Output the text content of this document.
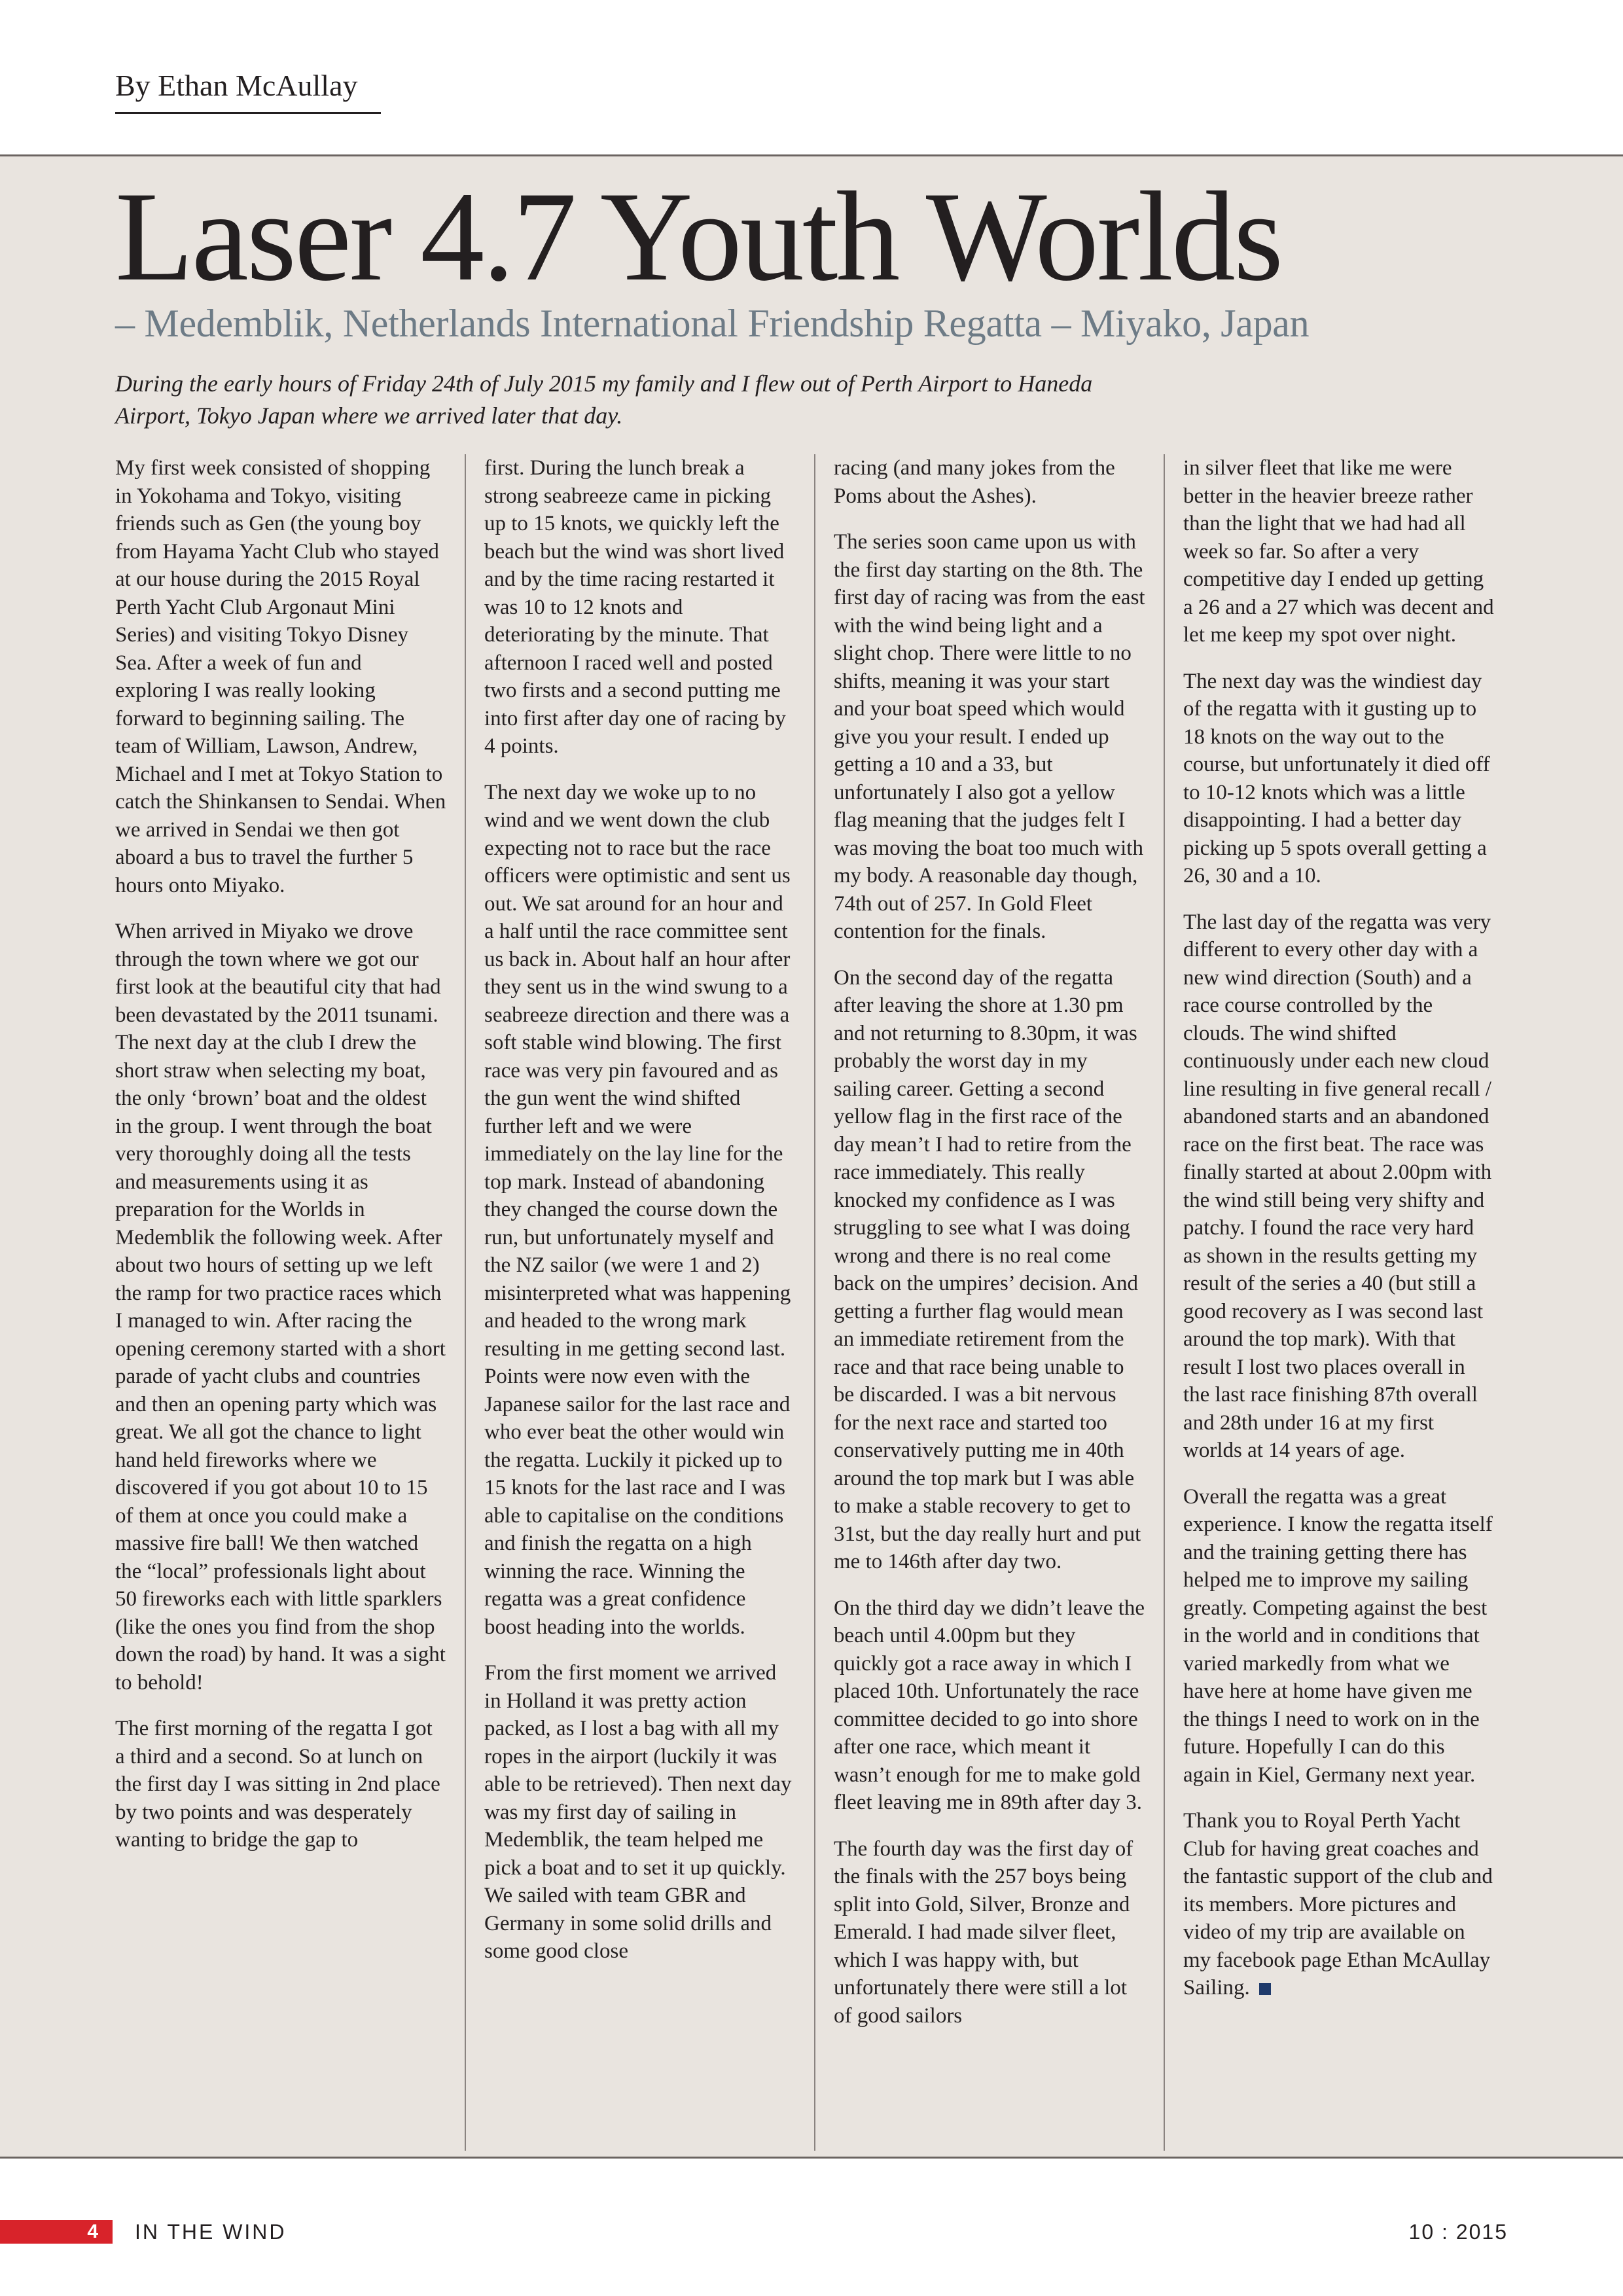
By Ethan McAullay
Laser 4.7 Youth Worlds
– Medemblik, Netherlands International Friendship Regatta – Miyako, Japan
During the early hours of Friday 24th of July 2015 my family and I flew out of Perth Airport to Haneda Airport, Tokyo Japan where we arrived later that day.

My first week consisted of shopping in Yokohama and Tokyo, visiting friends such as Gen (the young boy from Hayama Yacht Club who stayed at our house during the 2015 Royal Perth Yacht Club Argonaut Mini Series) and visiting Tokyo Disney Sea. After a week of fun and exploring I was really looking forward to beginning sailing. The team of William, Lawson, Andrew, Michael and I met at Tokyo Station to catch the Shinkansen to Sendai. When we arrived in Sendai we then got aboard a bus to travel the further 5 hours onto Miyako.

When arrived in Miyako we drove through the town where we got our first look at the beautiful city that had been devastated by the 2011 tsunami. The next day at the club I drew the short straw when selecting my boat, the only ‘brown’ boat and the oldest in the group. I went through the boat very thoroughly doing all the tests and measurements using it as preparation for the Worlds in Medemblik the following week. After about two hours of setting up we left the ramp for two practice races which I managed to win. After racing the opening ceremony started with a short parade of yacht clubs and countries and then an opening party which was great. We all got the chance to light hand held fireworks where we discovered if you got about 10 to 15 of them at once you could make a massive fire ball! We then watched the “local” professionals light about 50 fireworks each with little sparklers (like the ones you find from the shop down the road) by hand. It was a sight to behold!

The first morning of the regatta I got a third and a second. So at lunch on the first day I was sitting in 2nd place by two points and was desperately wanting to bridge the gap to

first. During the lunch break a strong seabreeze came in picking up to 15 knots, we quickly left the beach but the wind was short lived and by the time racing restarted it was 10 to 12 knots and deteriorating by the minute. That afternoon I raced well and posted two firsts and a second putting me into first after day one of racing by 4 points.

The next day we woke up to no wind and we went down the club expecting not to race but the race officers were optimistic and sent us out. We sat around for an hour and a half until the race committee sent us back in. About half an hour after they sent us in the wind swung to a seabreeze direction and there was a soft stable wind blowing. The first race was very pin favoured and as the gun went the wind shifted further left and we were immediately on the lay line for the top mark. Instead of abandoning they changed the course down the run, but unfortunately myself and the NZ sailor (we were 1 and 2) misinterpreted what was happening and headed to the wrong mark resulting in me getting second last. Points were now even with the Japanese sailor for the last race and who ever beat the other would win the regatta. Luckily it picked up to 15 knots for the last race and I was able to capitalise on the conditions and finish the regatta on a high winning the race. Winning the regatta was a great confidence boost heading into the worlds.

From the first moment we arrived in Holland it was pretty action packed, as I lost a bag with all my ropes in the airport (luckily it was able to be retrieved). Then next day was my first day of sailing in Medemblik, the team helped me pick a boat and to set it up quickly. We sailed with team GBR and Germany in some solid drills and some good close

racing (and many jokes from the Poms about the Ashes).

The series soon came upon us with the first day starting on the 8th. The first day of racing was from the east with the wind being light and a slight chop. There were little to no shifts, meaning it was your start and your boat speed which would give you your result. I ended up getting a 10 and a 33, but unfortunately I also got a yellow flag meaning that the judges felt I was moving the boat too much with my body. A reasonable day though, 74th out of 257. In Gold Fleet contention for the finals.

On the second day of the regatta after leaving the shore at 1.30 pm and not returning to 8.30pm, it was probably the worst day in my sailing career. Getting a second yellow flag in the first race of the day mean’t I had to retire from the race immediately. This really knocked my confidence as I was struggling to see what I was doing wrong and there is no real come back on the umpires’ decision. And getting a further flag would mean an immediate retirement from the race and that race being unable to be discarded. I was a bit nervous for the next race and started too conservatively putting me in 40th around the top mark but I was able to make a stable recovery to get to 31st, but the day really hurt and put me to 146th after day two.

On the third day we didn’t leave the beach until 4.00pm but they quickly got a race away in which I placed 10th. Unfortunately the race committee decided to go into shore after one race, which meant it wasn’t enough for me to make gold fleet leaving me in 89th after day 3.

The fourth day was the first day of the finals with the 257 boys being split into Gold, Silver, Bronze and Emerald. I had made silver fleet, which I was happy with, but unfortunately there were still a lot of good sailors

in silver fleet that like me were better in the heavier breeze rather than the light that we had had all week so far. So after a very competitive day I ended up getting a 26 and a 27 which was decent and let me keep my spot over night.

The next day was the windiest day of the regatta with it gusting up to 18 knots on the way out to the course, but unfortunately it died off to 10-12 knots which was a little disappointing. I had a better day picking up 5 spots overall getting a 26, 30 and a 10.

The last day of the regatta was very different to every other day with a new wind direction (South) and a race course controlled by the clouds. The wind shifted continuously under each new cloud line resulting in five general recall / abandoned starts and an abandoned race on the first beat. The race was finally started at about 2.00pm with the wind still being very shifty and patchy. I found the race very hard as shown in the results getting my result of the series a 40 (but still a good recovery as I was second last around the top mark). With that result I lost two places overall in the last race finishing 87th overall and 28th under 16 at my first worlds at 14 years of age.

Overall the regatta was a great experience. I know the regatta itself and the training getting there has helped me to improve my sailing greatly. Competing against the best in the world and in conditions that varied markedly from what we have here at home have given me the things I need to work on in the future. Hopefully I can do this again in Kiel, Germany next year.

Thank you to Royal Perth Yacht Club for having great coaches and the fantastic support of the club and its members. More pictures and video of my trip are available on my facebook page Ethan McAullay Sailing.

4	IN THE WIND	10 : 2015
